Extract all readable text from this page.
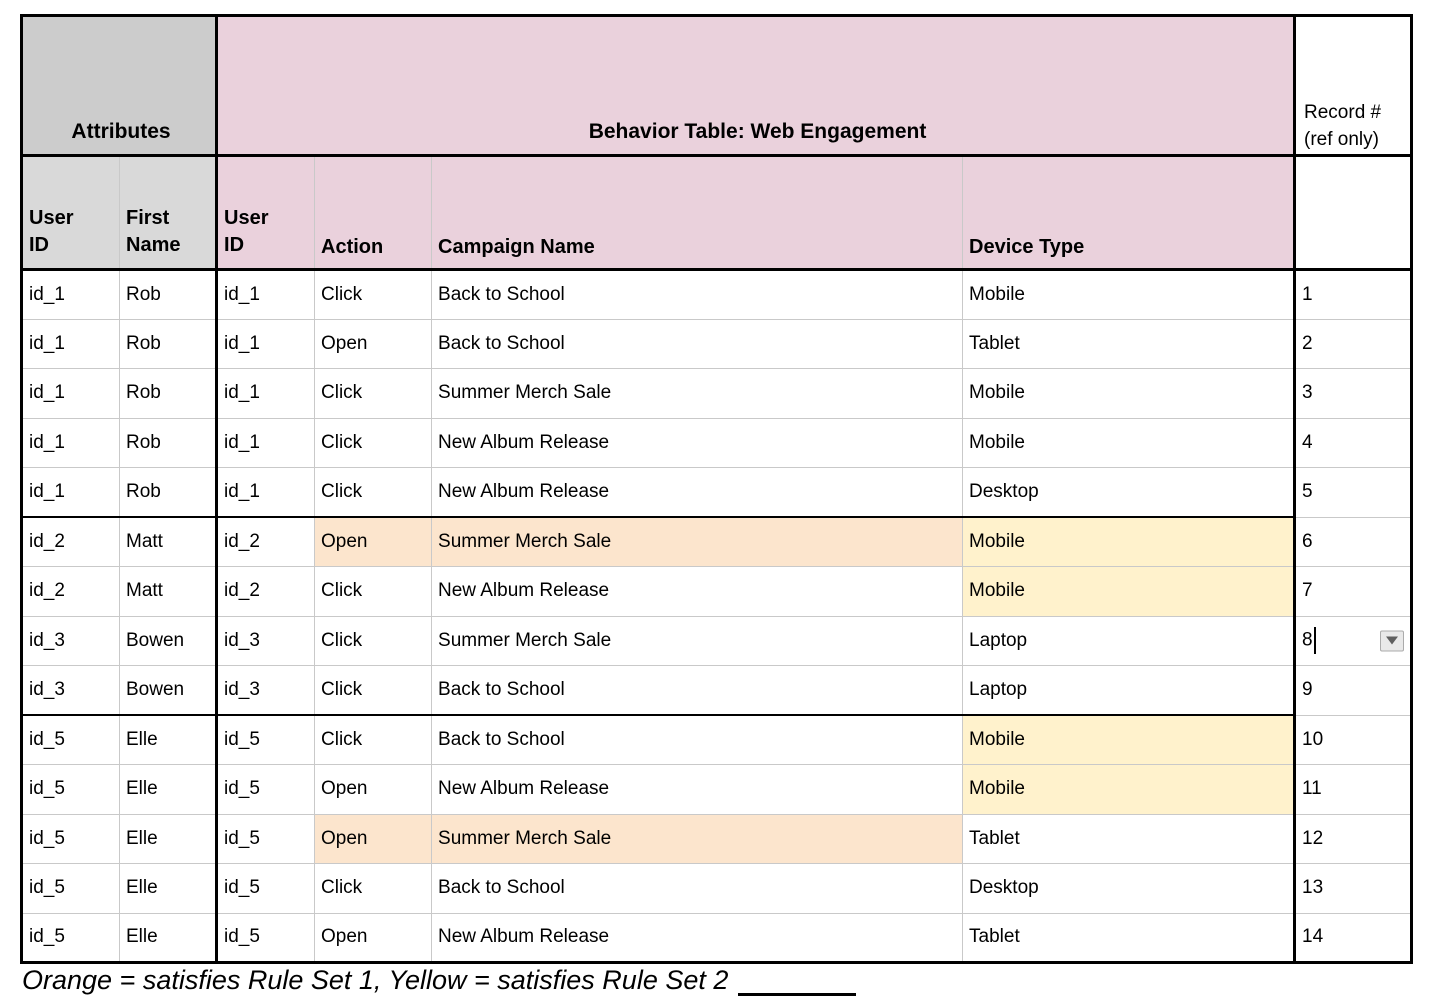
Attributes		Behavior Table: Web Engagement				Record # (ref only)
User ID	First Name	User ID	Action	Campaign Name	Device Type	
id_1	Rob	id_1	Click	Back to School	Mobile	1
id_1	Rob	id_1	Open	Back to School	Tablet	2
id_1	Rob	id_1	Click	Summer Merch Sale	Mobile	3
id_1	Rob	id_1	Click	New Album Release	Mobile	4
id_1	Rob	id_1	Click	New Album Release	Desktop	5
id_2	Matt	id_2	Open	Summer Merch Sale	Mobile	6
id_2	Matt	id_2	Click	New Album Release	Mobile	7
id_3	Bowen	id_3	Click	Summer Merch Sale	Laptop	8

id_3	Bowen	id_3	Click	Back to School	Laptop	9
id_5	Elle	id_5	Click	Back to School	Mobile	10
id_5	Elle	id_5	Open	New Album Release	Mobile	11
id_5	Elle	id_5	Open	Summer Merch Sale	Tablet	12
id_5	Elle	id_5	Click	Back to School	Desktop	13
id_5	Elle	id_5	Open	New Album Release	Tablet	14
Orange = satisfies Rule Set 1, Yellow = satisfies Rule Set 2
